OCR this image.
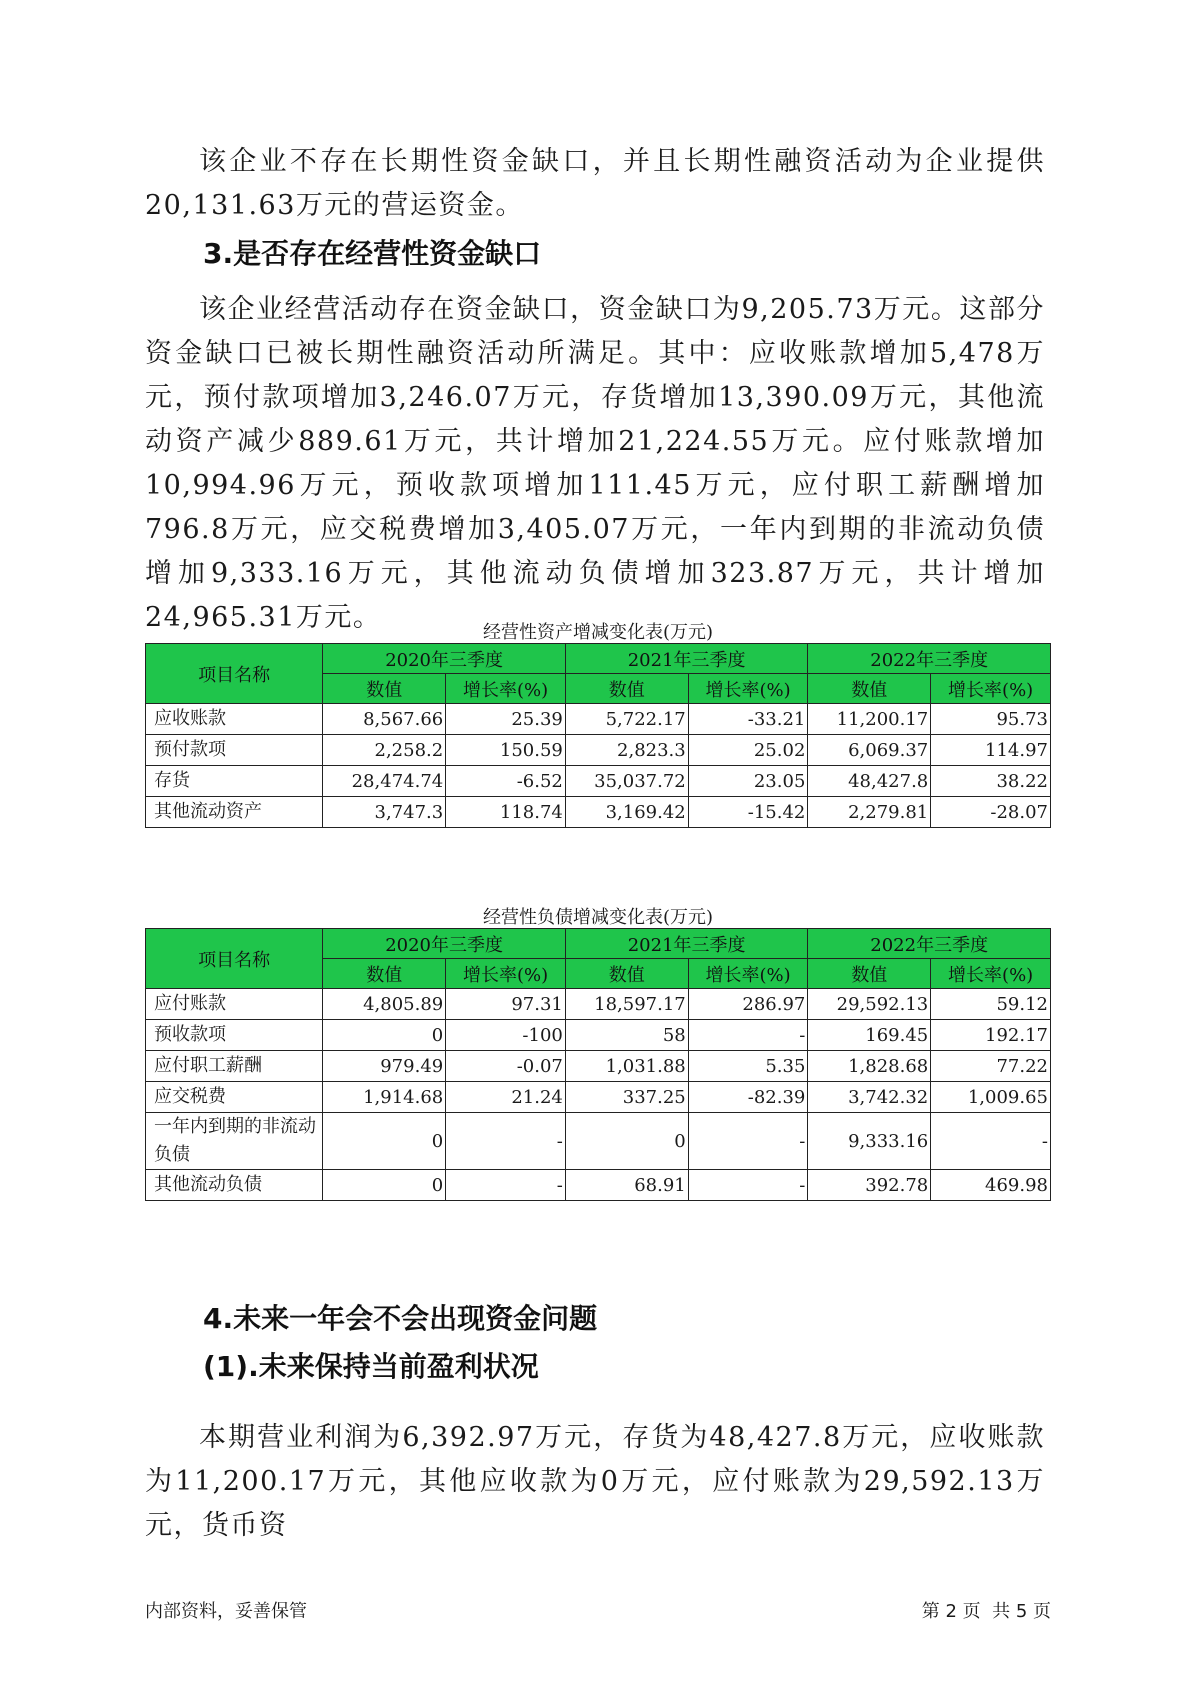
该企业不存在长期性资金缺口，并且长期性融资活动为企业提供20,131.63万元的营运资金。

3.是否存在经营性资金缺口

该企业经营活动存在资金缺口，资金缺口为9,205.73万元。这部分资金缺口已被长期性融资活动所满足。其中：应收账款增加5,478万元，预付款项增加3,246.07万元，存货增加13,390.09万元，其他流动资产减少889.61万元，共计增加21,224.55万元。应付账款增加10,994.96万元，预收款项增加111.45万元，应付职工薪酬增加796.8万元，应交税费增加3,405.07万元，一年内到期的非流动负债增加9,333.16万元，其他流动负债增加323.87万元，共计增加24,965.31万元。	经营性资产增减变化表(万元)

项目名称	2020年三季度		2021年三季度		2022年三季度	
	数值	增长率(%)	数值	增长率(%)	数值	增长率(%)
应收账款	8,567.66	25.39	5,722.17	-33.21	11,200.17	95.73
预付款项	2,258.2	150.59	2,823.3	25.02	6,069.37	114.97
存货	28,474.74	-6.52	35,037.72	23.05	48,427.8	38.22
其他流动资产	3,747.3	118.74	3,169.42	-15.42	2,279.81	-28.07

经营性负债增减变化表(万元)

项目名称	2020年三季度		2021年三季度		2022年三季度	
	数值	增长率(%)	数值	增长率(%)	数值	增长率(%)
应付账款	4,805.89	97.31	18,597.17	286.97	29,592.13	59.12
预收款项	0	-100	58	-	169.45	192.17
应付职工薪酬	979.49	-0.07	1,031.88	5.35	1,828.68	77.22
应交税费	1,914.68	21.24	337.25	-82.39	3,742.32	1,009.65
一年内到期的非流动负债	0	-	0	-	9,333.16	-
其他流动负债	0	-	68.91	-	392.78	469.98
4.未来一年会不会出现资金问题
(1).未来保持当前盈利状况

本期营业利润为6,392.97万元，存货为48,427.8万元，应收账款为11,200.17万元，其他应收款为0万元，应付账款为29,592.13万元，货币资

内部资料，妥善保管	第 2 页  共 5 页
